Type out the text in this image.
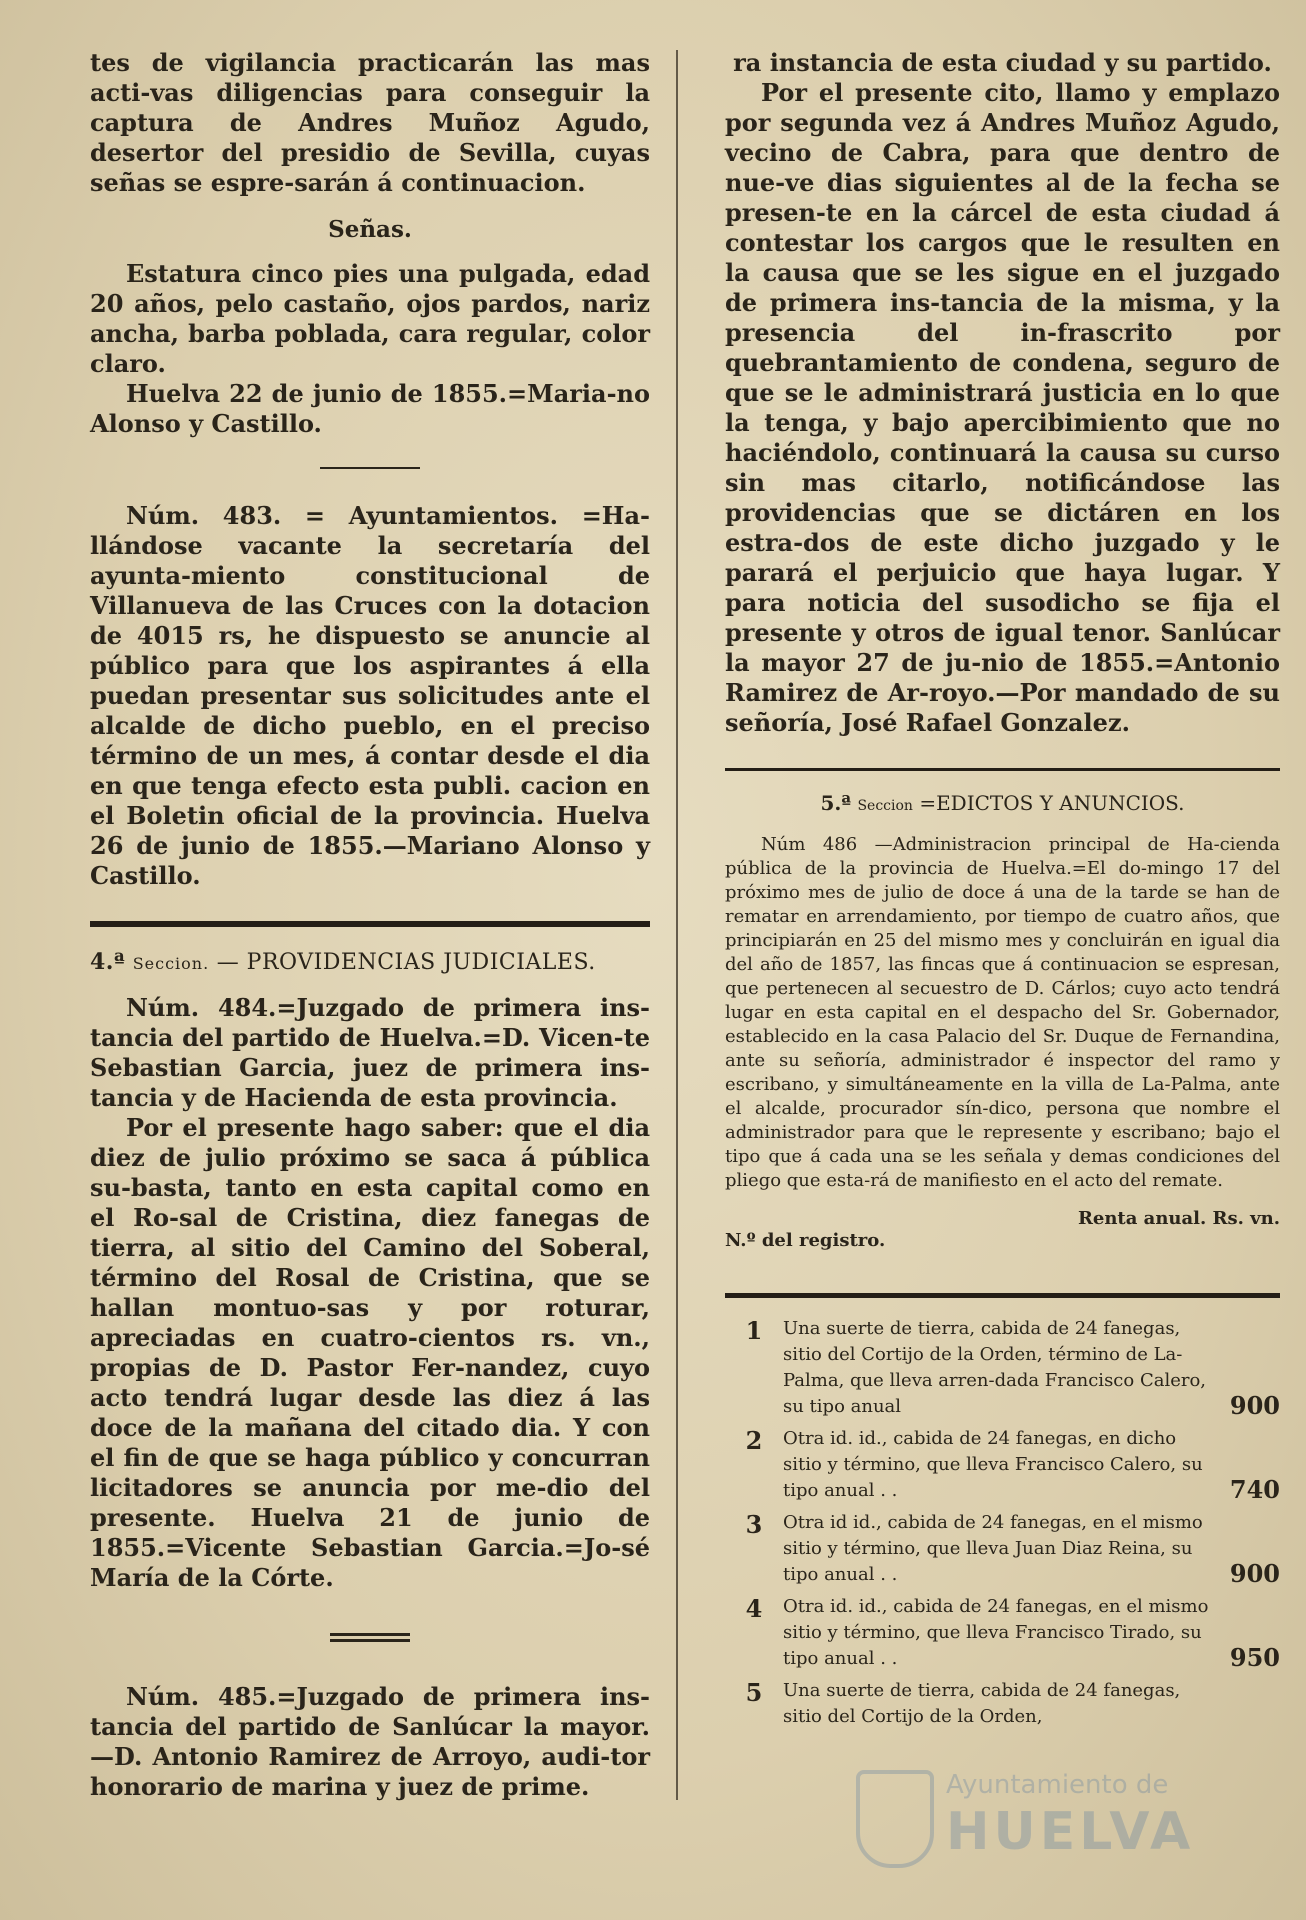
tes de vigilancia practicarán las mas acti-vas diligencias para conseguir la captura de Andres Muñoz Agudo, desertor del presidio de Sevilla, cuyas señas se espre-sarán á continuacion.

Señas.

Estatura cinco pies una pulgada, edad 20 años, pelo castaño, ojos pardos, nariz ancha, barba poblada, cara regular, color claro.

Huelva 22 de junio de 1855.=Maria-no Alonso y Castillo.

Núm. 483. = Ayuntamientos. =Ha-llándose vacante la secretaría del ayunta-miento constitucional de Villanueva de las Cruces con la dotacion de 4015 rs, he dispuesto se anuncie al público para que los aspirantes á ella puedan presentar sus solicitudes ante el alcalde de dicho pueblo, en el preciso término de un mes, á contar desde el dia en que tenga efecto esta publi. cacion en el Boletin oficial de la provincia. Huelva 26 de junio de 1855.—Mariano Alonso y Castillo.

4.ª Seccion. — PROVIDENCIAS JUDICIALES.

Núm. 484.=Juzgado de primera ins-tancia del partido de Huelva.=D. Vicen-te Sebastian Garcia, juez de primera ins-tancia y de Hacienda de esta provincia.

Por el presente hago saber: que el dia diez de julio próximo se saca á pública su-basta, tanto en esta capital como en el Ro-sal de Cristina, diez fanegas de tierra, al sitio del Camino del Soberal, término del Rosal de Cristina, que se hallan montuo-sas y por roturar, apreciadas en cuatro-cientos rs. vn., propias de D. Pastor Fer-nandez, cuyo acto tendrá lugar desde las diez á las doce de la mañana del citado dia. Y con el fin de que se haga público y concurran licitadores se anuncia por me-dio del presente. Huelva 21 de junio de 1855.=Vicente Sebastian Garcia.=Jo-sé María de la Córte.

Núm. 485.=Juzgado de primera ins-tancia del partido de Sanlúcar la mayor. —D. Antonio Ramirez de Arroyo, audi-tor honorario de marina y juez de prime.

ra instancia de esta ciudad y su partido.

Por el presente cito, llamo y emplazo por segunda vez á Andres Muñoz Agudo, vecino de Cabra, para que dentro de nue-ve dias siguientes al de la fecha se presen-te en la cárcel de esta ciudad á contestar los cargos que le resulten en la causa que se les sigue en el juzgado de primera ins-tancia de la misma, y la presencia del in-frascrito por quebrantamiento de condena, seguro de que se le administrará justicia en lo que la tenga, y bajo apercibimiento que no haciéndolo, continuará la causa su curso sin mas citarlo, notificándose las providencias que se dictáren en los estra-dos de este dicho juzgado y le parará el perjuicio que haya lugar. Y para noticia del susodicho se fija el presente y otros de igual tenor. Sanlúcar la mayor 27 de ju-nio de 1855.=Antonio Ramirez de Ar-royo.—Por mandado de su señoría, José Rafael Gonzalez.

5.ª Seccion =EDICTOS Y ANUNCIOS.

Núm 486 —Administracion principal de Ha-cienda pública de la provincia de Huelva.=El do-mingo 17 del próximo mes de julio de doce á una de la tarde se han de rematar en arrendamiento, por tiempo de cuatro años, que principiarán en 25 del mismo mes y concluirán en igual dia del año de 1857, las fincas que á continuacion se espresan, que pertenecen al secuestro de D. Cárlos; cuyo acto tendrá lugar en esta capital en el despacho del Sr. Gobernador, establecido en la casa Palacio del Sr. Duque de Fernandina, ante su señoría, administrador é inspector del ramo y escribano, y simultáneamente en la villa de La-Palma, ante el alcalde, procurador sín-dico, persona que nombre el administrador para que le represente y escribano; bajo el tipo que á cada una se les señala y demas condiciones del pliego que esta-rá de manifiesto en el acto del remate.

N.º del registro.
Renta anual. Rs. vn.
1	Una suerte de tierra, cabida de 24 fanegas, sitio del Cortijo de la Orden, término de La-Palma, que lleva arren-dada Francisco Calero, su tipo anual	900
2	Otra id. id., cabida de 24 fanegas, en dicho sitio y término, que lleva Francisco Calero, su tipo anual . .	740
3	Otra id id., cabida de 24 fanegas, en el mismo sitio y término, que lleva Juan Diaz Reina, su tipo anual . .	900
4	Otra id. id., cabida de 24 fanegas, en el mismo sitio y término, que lleva Francisco Tirado, su tipo anual . .	950
5	Una suerte de tierra, cabida de 24 fanegas, sitio del Cortijo de la Orden,
Ayuntamiento de
HUELVA
